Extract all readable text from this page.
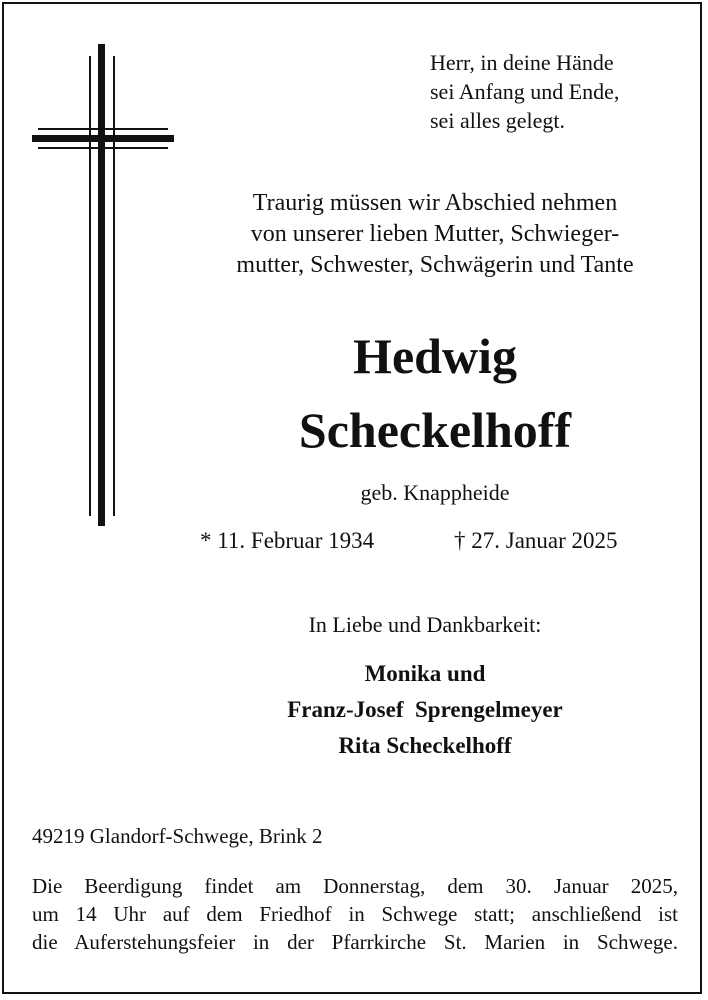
Herr, in deine Hände
sei Anfang und Ende,
sei alles gelegt.
Traurig müssen wir Abschied nehmen
von unserer lieben Mutter, Schwieger-
mutter, Schwester, Schwägerin und Tante
Hedwig
Scheckelhoff
geb. Knappheide
* 11. Februar 1934	† 27. Januar 2025
In Liebe und Dankbarkeit:
Monika und
Franz-Josef  Sprengelmeyer
Rita Scheckelhoff
49219 Glandorf-Schwege, Brink 2
Die Beerdigung findet am Donnerstag, dem 30. Januar 2025,
um 14 Uhr auf dem Friedhof in Schwege statt; anschließend ist
die Auferstehungsfeier in der Pfarrkirche St. Marien in Schwege.
